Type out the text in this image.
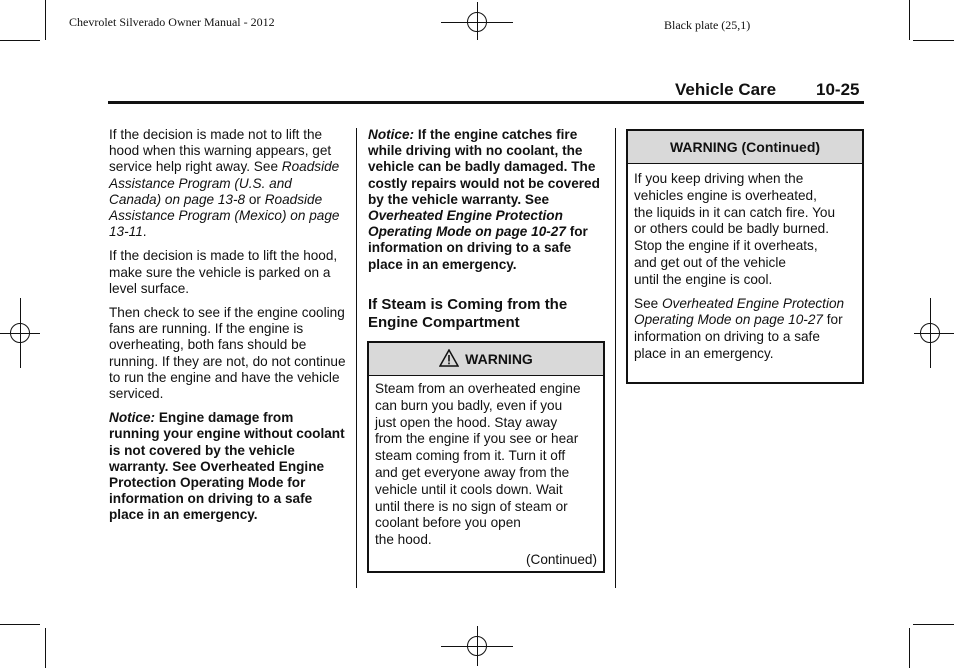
Chevrolet Silverado Owner Manual - 2012	Black plate (25,1)
Vehicle Care 10-25

If the decision is made not to lift the hood when this warning appears, get service help right away. See Roadside Assistance Program (U.S. and Canada) on page 13-8 or Roadside Assistance Program (Mexico) on page 13-11.

If the decision is made to lift the hood, make sure the vehicle is parked on a level surface.

Then check to see if the engine cooling fans are running. If the engine is overheating, both fans should be running. If they are not, do not continue to run the engine and have the vehicle serviced.

Notice: Engine damage from running your engine without coolant is not covered by the vehicle warranty. See Overheated Engine Protection Operating Mode for information on driving to a safe place in an emergency.

Notice: If the engine catches fire while driving with no coolant, the vehicle can be badly damaged. The costly repairs would not be covered by the vehicle warranty. See Overheated Engine Protection Operating Mode on page 10-27 for information on driving to a safe place in an emergency.

If Steam is Coming from the Engine Compartment
WARNING
Steam from an overheated engine
can burn you badly, even if you
just open the hood. Stay away
from the engine if you see or hear
steam coming from it. Turn it off
and get everyone away from the
vehicle until it cools down. Wait
until there is no sign of steam or
coolant before you open
the hood.
(Continued)
WARNING (Continued)

If you keep driving when the
vehicles engine is overheated,
the liquids in it can catch fire. You
or others could be badly burned.
Stop the engine if it overheats,
and get out of the vehicle
until the engine is cool.

See Overheated Engine Protection Operating Mode on page 10-27 for information on driving to a safe place in an emergency.
